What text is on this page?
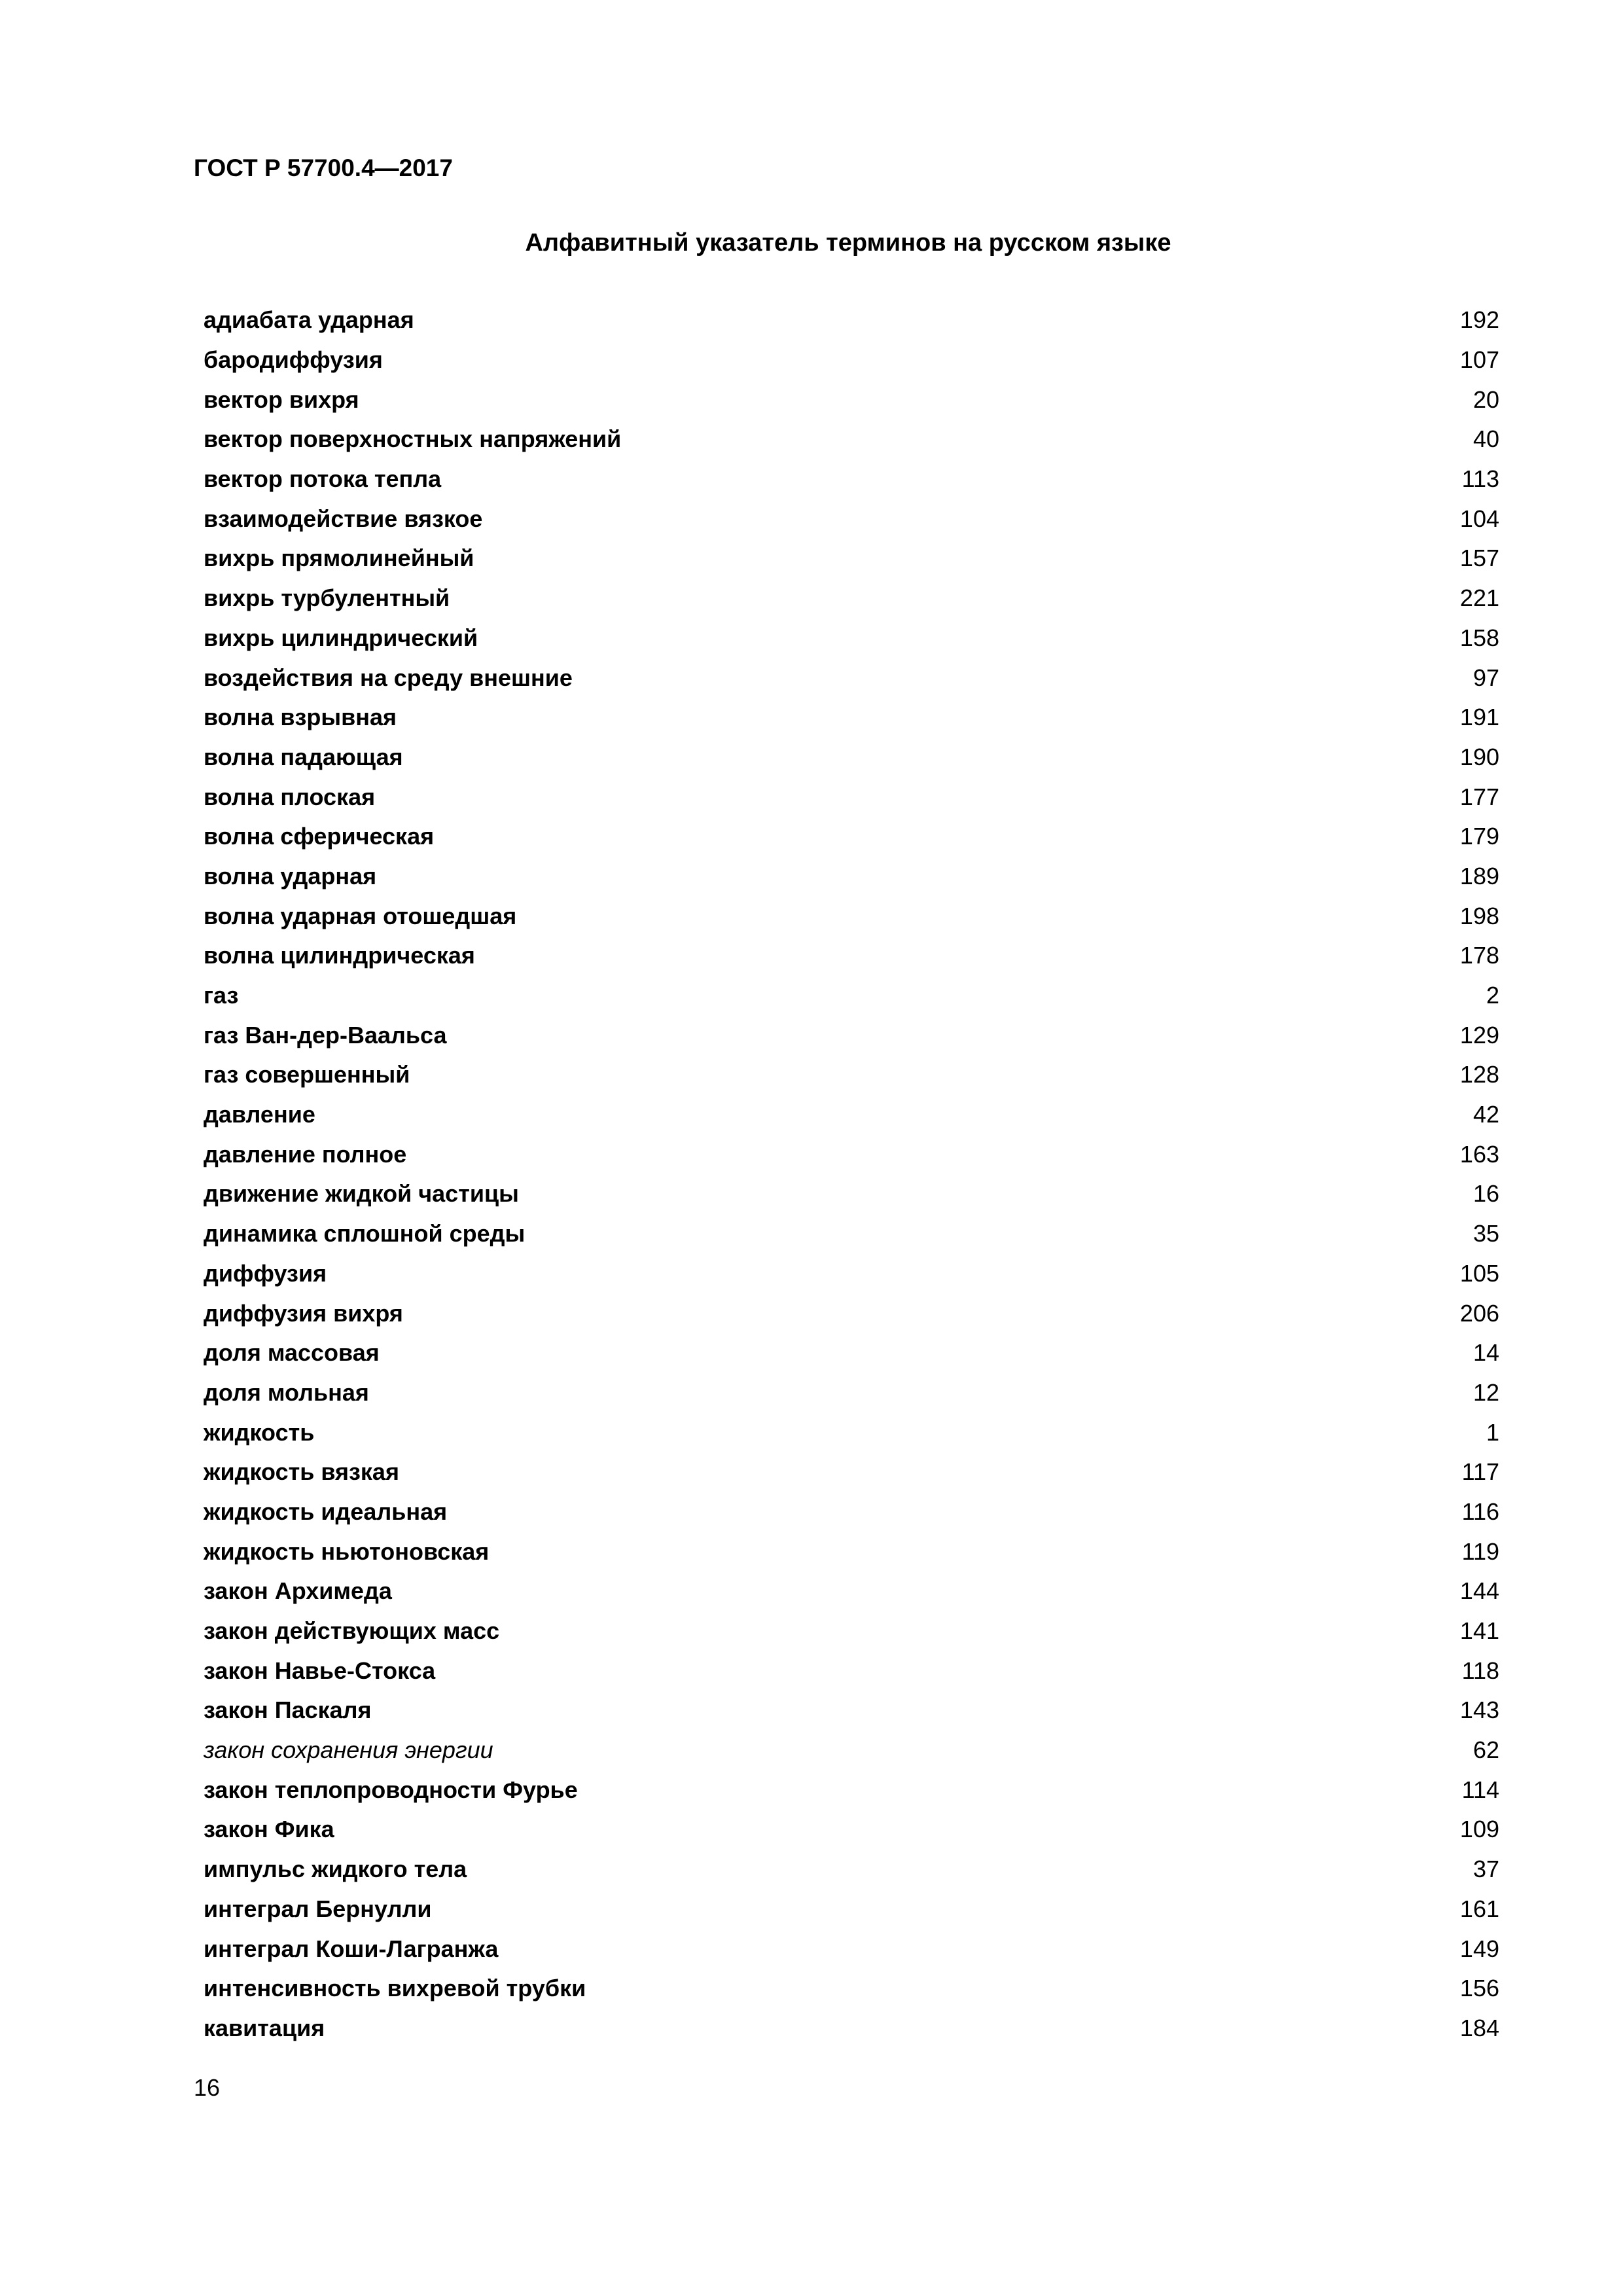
ГОСТ Р 57700.4—2017
Алфавитный указатель терминов на русском языке
адиабата ударная	192
бародиффузия	107
вектор вихря	20
вектор поверхностных напряжений	40
вектор потока тепла	113
взаимодействие вязкое	104
вихрь прямолинейный	157
вихрь турбулентный	221
вихрь цилиндрический	158
воздействия на среду внешние	97
волна взрывная	191
волна падающая	190
волна плоская	177
волна сферическая	179
волна ударная	189
волна ударная отошедшая	198
волна цилиндрическая	178
газ	2
газ Ван-дер-Ваальса	129
газ совершенный	128
давление	42
давление полное	163
движение жидкой частицы	16
динамика сплошной среды	35
диффузия	105
диффузия вихря	206
доля массовая	14
доля мольная	12
жидкость	1
жидкость вязкая	117
жидкость идеальная	116
жидкость ньютоновская	119
закон Архимеда	144
закон действующих масс	141
закон Навье-Стокса	118
закон Паскаля	143
закон сохранения энергии	62
закон теплопроводности Фурье	114
закон Фика	109
импульс жидкого тела	37
интеграл Бернулли	161
интеграл Коши-Лагранжа	149
интенсивность вихревой трубки	156
кавитация	184
16
